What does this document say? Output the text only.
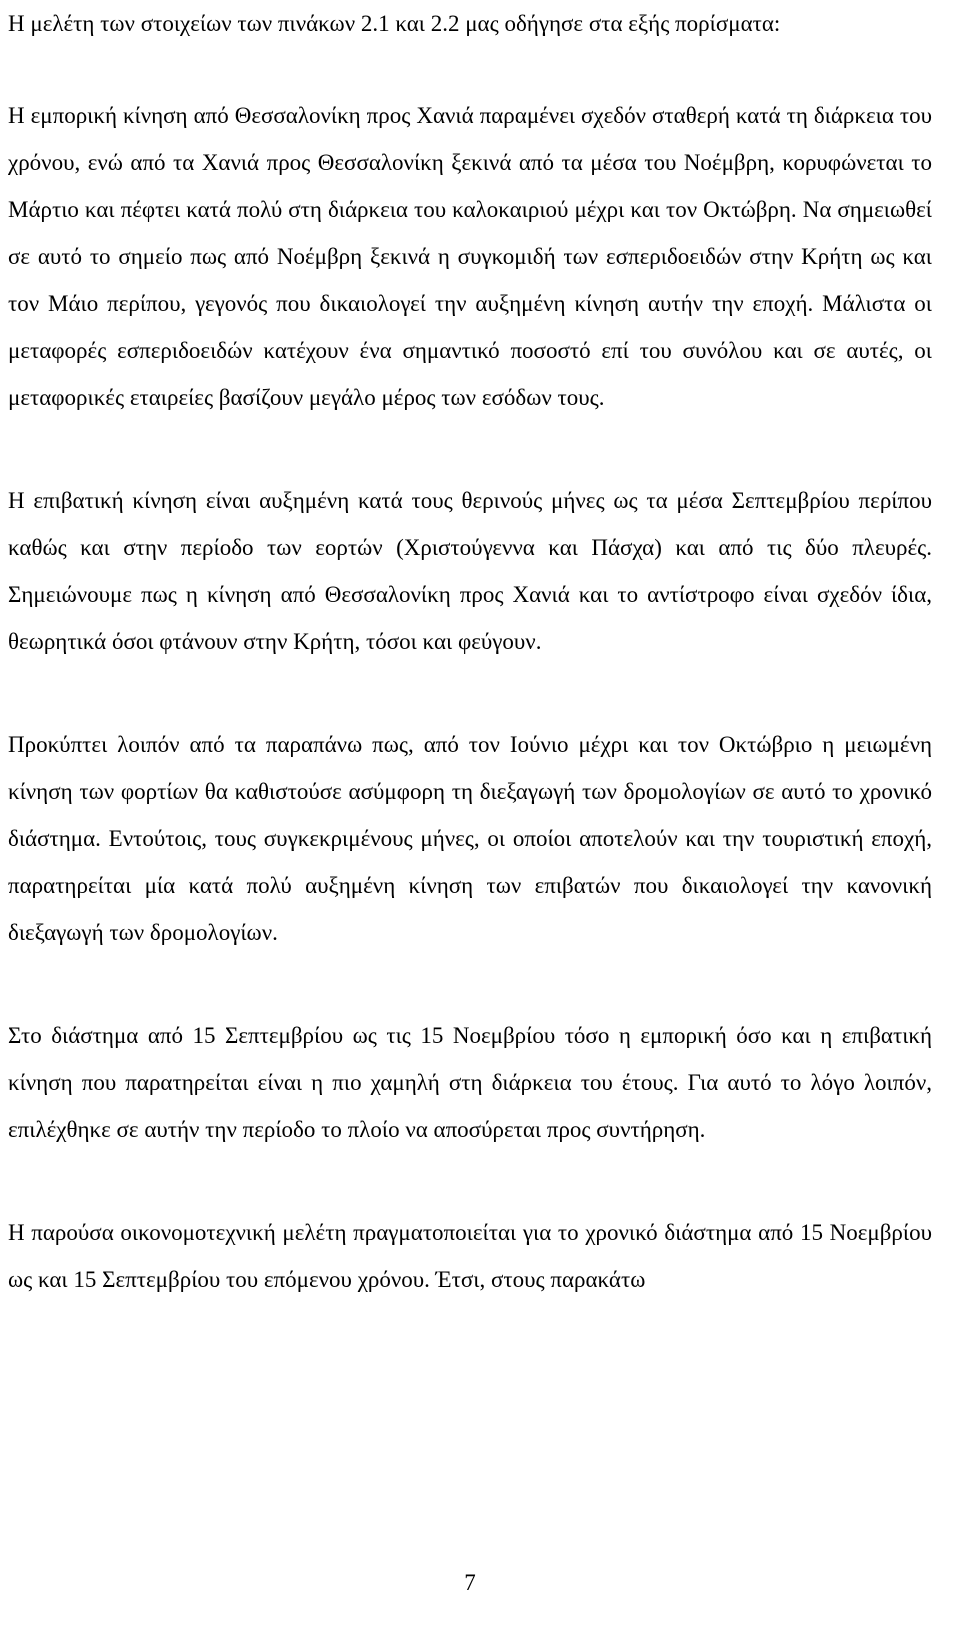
Η μελέτη των στοιχείων των πινάκων 2.1 και 2.2 μας οδήγησε στα εξής πορίσματα:

Η εμπορική κίνηση από Θεσσαλονίκη προς Χανιά παραμένει σχεδόν σταθερή κατά τη διάρκεια του χρόνου, ενώ από τα Χανιά προς Θεσσαλονίκη ξεκινά από τα μέσα του Νοέμβρη, κορυφώνεται το Μάρτιο και πέφτει κατά πολύ στη διάρκεια του καλοκαιριού μέχρι και τον Οκτώβρη. Να σημειωθεί σε αυτό το σημείο πως από Νοέμβρη ξεκινά η συγκομιδή των εσπεριδοειδών στην Κρήτη ως και τον Μάιο περίπου, γεγονός που δικαιολογεί την αυξημένη κίνηση αυτήν την εποχή. Μάλιστα οι μεταφορές εσπεριδοειδών κατέχουν ένα σημαντικό ποσοστό επί του συνόλου και σε αυτές, οι μεταφορικές εταιρείες βασίζουν μεγάλο μέρος των εσόδων τους.

Η επιβατική κίνηση είναι αυξημένη κατά τους θερινούς μήνες ως τα μέσα Σεπτεμβρίου περίπου καθώς και στην περίοδο των εορτών (Χριστούγεννα και Πάσχα) και από τις δύο πλευρές. Σημειώνουμε πως η κίνηση από Θεσσαλονίκη προς Χανιά και το αντίστροφο είναι σχεδόν ίδια, θεωρητικά όσοι φτάνουν στην Κρήτη, τόσοι και φεύγουν.

Προκύπτει λοιπόν από τα παραπάνω πως, από τον Ιούνιο μέχρι και τον Οκτώβριο η μειωμένη κίνηση των φορτίων θα καθιστούσε ασύμφορη τη διεξαγωγή των δρομολογίων σε αυτό το χρονικό διάστημα. Εντούτοις, τους συγκεκριμένους μήνες, οι οποίοι αποτελούν και την τουριστική εποχή, παρατηρείται μία κατά πολύ αυξημένη κίνηση των επιβατών που δικαιολογεί την κανονική διεξαγωγή των δρομολογίων.

Στο διάστημα από 15 Σεπτεμβρίου ως τις 15 Νοεμβρίου τόσο η εμπορική όσο και η επιβατική κίνηση που παρατηρείται είναι η πιο χαμηλή στη διάρκεια του έτους. Για αυτό το λόγο λοιπόν, επιλέχθηκε σε αυτήν την περίοδο το πλοίο να αποσύρεται προς συντήρηση.

Η παρούσα οικονομοτεχνική μελέτη πραγματοποιείται για το χρονικό διάστημα από 15 Νοεμβρίου ως και 15 Σεπτεμβρίου του επόμενου χρόνου. Έτσι, στους παρακάτω

7
